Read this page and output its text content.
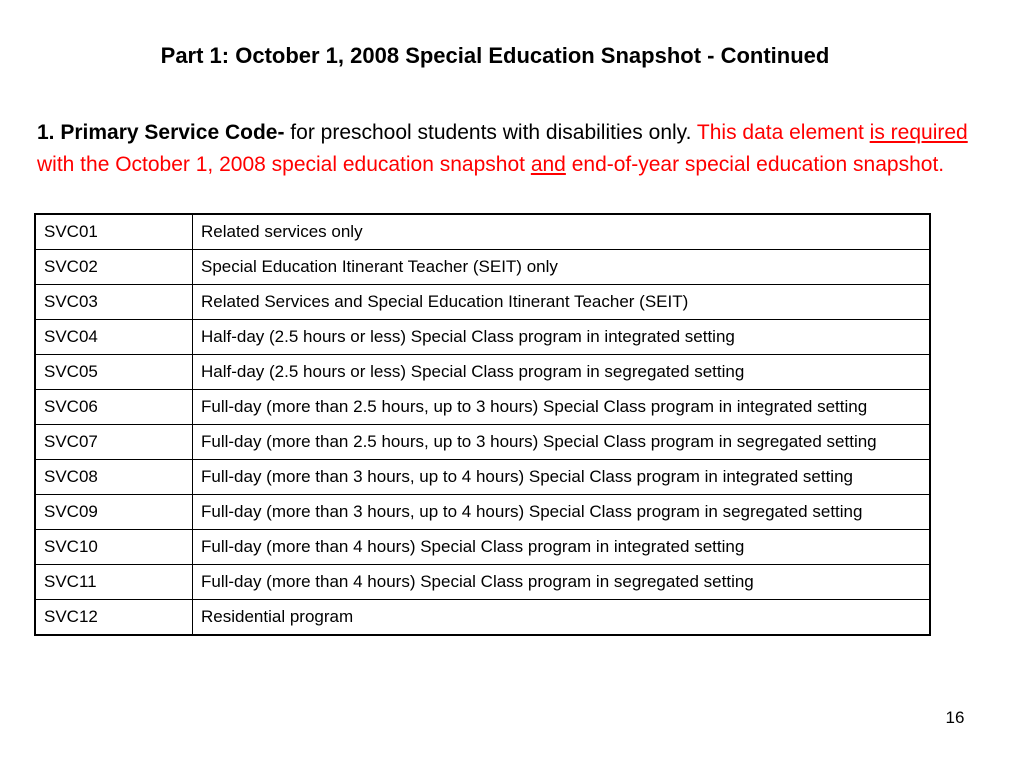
Part 1: October 1, 2008 Special Education Snapshot - Continued

1. Primary Service Code- for preschool students with disabilities only. This data element is required with the October 1, 2008 special education snapshot and end-of-year special education snapshot.

SVC01	Related services only
SVC02	Special Education Itinerant Teacher (SEIT) only
SVC03	Related Services and Special Education Itinerant Teacher (SEIT)
SVC04	Half-day (2.5 hours or less) Special Class program in integrated setting
SVC05	Half-day (2.5 hours or less) Special Class program in segregated setting
SVC06	Full-day (more than 2.5 hours, up to 3 hours) Special Class program in integrated setting
SVC07	Full-day (more than 2.5 hours, up to 3 hours) Special Class program in segregated setting
SVC08	Full-day (more than 3 hours, up to 4 hours) Special Class program in integrated setting
SVC09	Full-day (more than 3 hours, up to 4 hours) Special Class program in segregated setting
SVC10	Full-day (more than 4 hours) Special Class program in integrated setting
SVC11	Full-day (more than 4 hours) Special Class program in segregated setting
SVC12	Residential program
16
